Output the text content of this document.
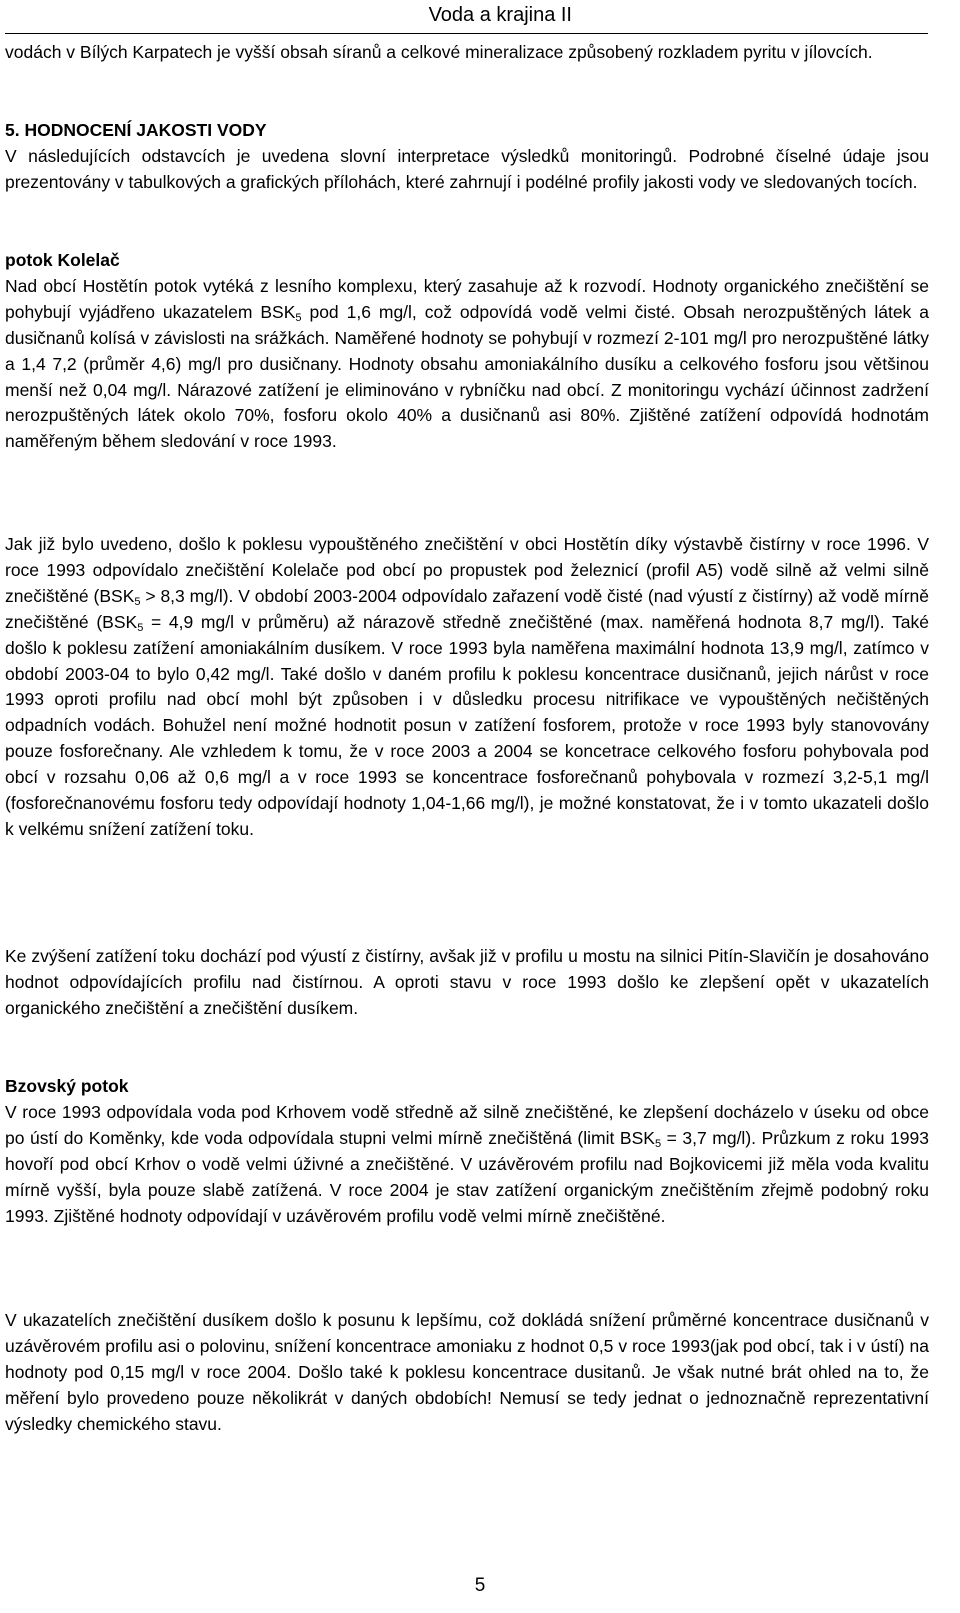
Voda a krajina II

vodách v Bílých Karpatech je vyšší obsah síranů a celkové mineralizace způsobený rozkladem pyritu v jílovcích.

5. HODNOCENÍ JAKOSTI VODY

V následujících odstavcích je uvedena slovní interpretace výsledků monitoringů. Podrobné číselné údaje jsou prezentovány v tabulkových a grafických přílohách, které zahrnují i podélné profily jakosti vody ve sledovaných tocích.

potok Kolelač

Nad obcí Hostětín potok vytéká z lesního komplexu, který zasahuje až k rozvodí. Hodnoty organického znečištění se pohybují vyjádřeno ukazatelem $BSK_5$ pod 1,6 mg/l, což odpovídá vodě velmi čisté. Obsah nerozpuštěných látek a dusičnanů kolísá v závislosti na srážkách. Naměřené hodnoty se pohybují v rozmezí 2-101 mg/l pro nerozpuštěné látky a 1,4 7,2 (průměr 4,6) mg/l pro dusičnany. Hodnoty obsahu amoniakálního dusíku a celkového fosforu jsou většinou menší než 0,04 mg/l. Nárazové zatížení je eliminováno v rybníčku nad obcí. Z monitoringu vychází účinnost zadržení nerozpuštěných látek okolo 70%, fosforu okolo 40% a dusičnanů asi 80%. Zjištěné zatížení odpovídá hodnotám naměřeným během sledování v roce 1993.

Jak již bylo uvedeno, došlo k poklesu vypouštěného znečištění v obci Hostětín díky výstavbě čistírny v roce 1996. V roce 1993 odpovídalo znečištění Kolelače pod obcí po propustek pod železnicí (profil A5) vodě silně až velmi silně znečištěné ($BSK_5 > 8,3$ mg/l). V období 2003-2004 odpovídalo zařazení vodě čisté (nad výustí z čistírny) až vodě mírně znečištěné ($BSK_5 = 4,9$ mg/l v průměru) až nárazově středně znečištěné (max. naměřená hodnota 8,7 mg/l). Také došlo k poklesu zatížení amoniakálním dusíkem. V roce 1993 byla naměřena maximální hodnota 13,9 mg/l, zatímco v období 2003-04 to bylo 0,42 mg/l. Také došlo v daném profilu k poklesu koncentrace dusičnanů, jejich nárůst v roce 1993 oproti profilu nad obcí mohl být způsoben i v důsledku procesu nitrifikace ve vypouštěných nečištěných odpadních vodách. Bohužel není možné hodnotit posun v zatížení fosforem, protože v roce 1993 byly stanovovány pouze fosforečnany. Ale vzhledem k tomu, že v roce 2003 a 2004 se koncetrace celkového fosforu pohybovala pod obcí v rozsahu 0,06 až 0,6 mg/l a v roce 1993 se koncentrace fosforečnanů pohybovala v rozmezí 3,2-5,1 mg/l (fosforečnanovému fosforu tedy odpovídají hodnoty 1,04-1,66 mg/l), je možné konstatovat, že i v tomto ukazateli došlo k velkému snížení zatížení toku.

Ke zvýšení zatížení toku dochází pod výustí z čistírny, avšak již v profilu u mostu na silnici Pitín-Slavičín je dosahováno hodnot odpovídajících profilu nad čistírnou. A oproti stavu v roce 1993 došlo ke zlepšení opět v ukazatelích organického znečištění a znečištění dusíkem.

Bzovský potok

V roce 1993 odpovídala voda pod Krhovem vodě středně až silně znečištěné, ke zlepšení docházelo v úseku od obce po ústí do Koměnky, kde voda odpovídala stupni velmi mírně znečištěná (limit $BSK_5 = 3,7$ mg/l). Průzkum z roku 1993 hovoří pod obcí Krhov o vodě velmi úživné a znečištěné. V uzávěrovém profilu nad Bojkovicemi již měla voda kvalitu mírně vyšší, byla pouze slabě zatížená. V roce 2004 je stav zatížení organickým znečištěním zřejmě podobný roku 1993. Zjištěné hodnoty odpovídají v uzávěrovém profilu vodě velmi mírně znečištěné.

V ukazatelích znečištění dusíkem došlo k posunu k lepšímu, což dokládá snížení průměrné koncentrace dusičnanů v uzávěrovém profilu asi o polovinu, snížení koncentrace amoniaku z hodnot 0,5 v roce 1993(jak pod obcí, tak i v ústí) na hodnoty pod 0,15 mg/l v roce 2004. Došlo také k poklesu koncentrace dusitanů. Je však nutné brát ohled na to, že měření bylo provedeno pouze několikrát v daných obdobích! Nemusí se tedy jednat o jednoznačně reprezentativní výsledky chemického stavu.

5
